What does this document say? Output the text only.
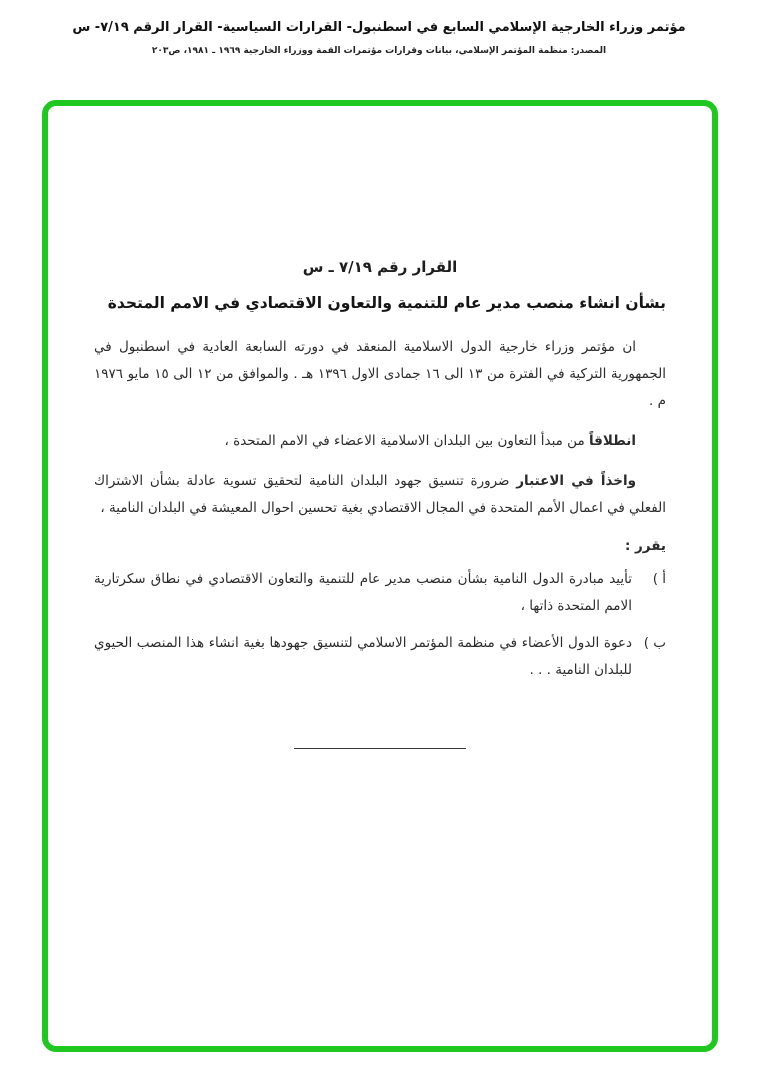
مؤتمر وزراء الخارجية الإسلامي السابع في اسطنبول- القرارات السياسية- القرار الرقم ٧/١٩- س
المصدر: منظمة المؤتمر الإسلامي، بيانات وقرارات مؤتمرات القمة ووزراء الخارجية ١٩٦٩ ـ ١٩٨١، ص٢٠٣
القرار رقم ٧/١٩ ـ س
بشأن انشاء منصب مدير عام للتنمية والتعاون الاقتصادي في الامم المتحدة

ان مؤتمر وزراء خارجية الدول الاسلامية المنعقد في دورته السابعة العادية في اسطنبول في الجمهورية التركية في الفترة من ١٣ الى ١٦ جمادى الاول ١٣٩٦ هـ . والموافق من ١٢ الى ١٥ مايو ١٩٧٦ م .

انطلاقاً من مبدأ التعاون بين البلدان الاسلامية الاعضاء في الامم المتحدة ،

واخذاً في الاعتبار ضرورة تنسيق جهود البلدان النامية لتحقيق تسوية عادلة بشأن الاشتراك الفعلي في اعمال الأمم المتحدة في المجال الاقتصادي بغية تحسين احوال المعيشة في البلدان النامية ،

يقرر :
أ )
تأييد مبادرة الدول النامية بشأن منصب مدير عام للتنمية والتعاون الاقتصادي في نطاق سكرتارية الامم المتحدة ذاتها ،
ب )
دعوة الدول الأعضاء في منظمة المؤتمر الاسلامي لتنسيق جهودها بغية انشاء هذا المنصب الحيوي للبلدان النامية . . .
